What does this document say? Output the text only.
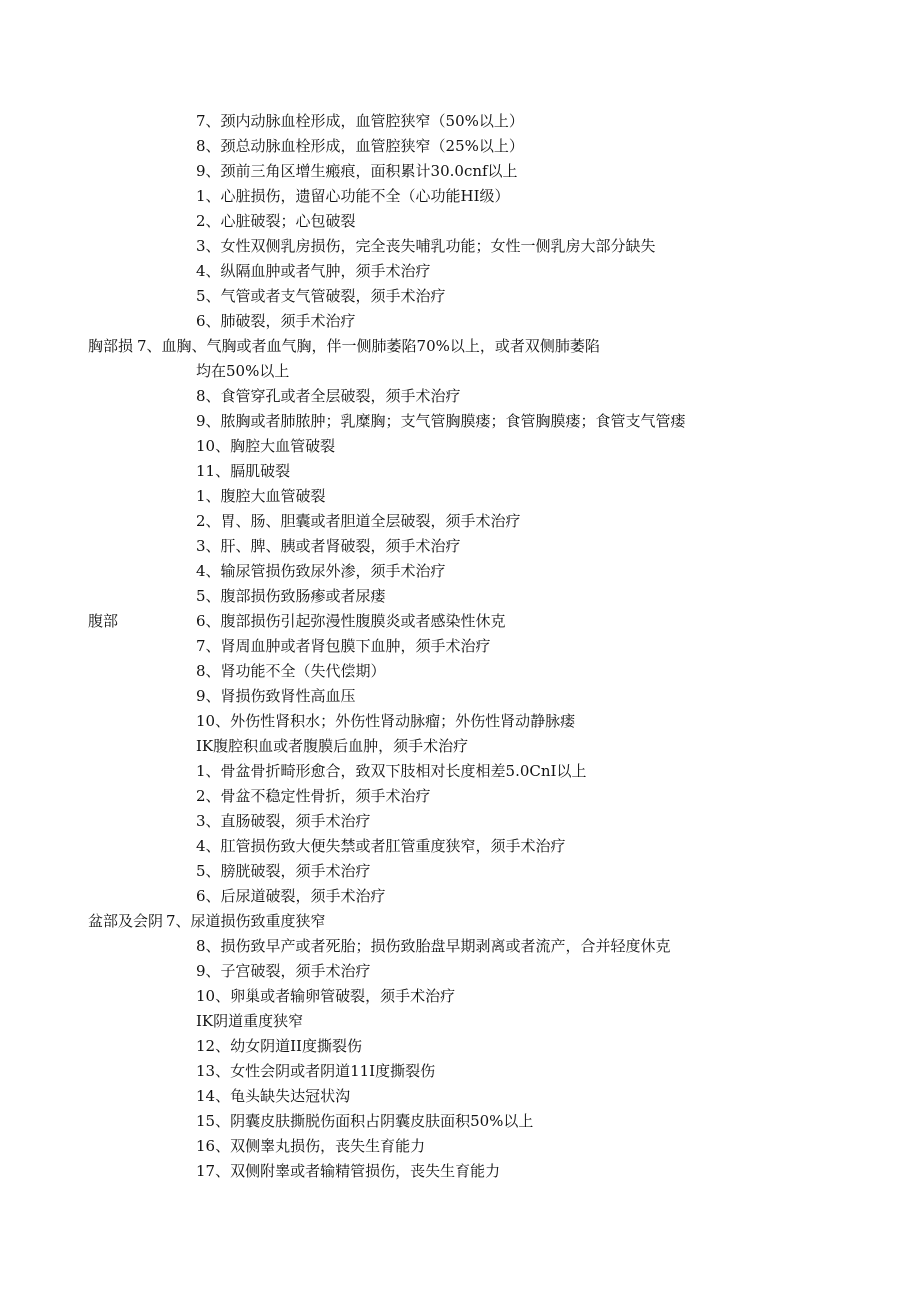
7、颈内动脉血栓形成，血管腔狭窄（50%以上）
8、颈总动脉血栓形成，血管腔狭窄（25%以上）
9、颈前三角区增生瘢痕，面积累计30.0cnf以上
1、心脏损伤，遗留心功能不全（心功能HI级）
2、心脏破裂；心包破裂
3、女性双侧乳房损伤，完全丧失哺乳功能；女性一侧乳房大部分缺失
4、纵隔血肿或者气肿，须手术治疗
5、气管或者支气管破裂，须手术治疗
6、肺破裂，须手术治疗
胸部损 7、血胸、气胸或者血气胸，伴一侧肺萎陷70%以上，或者双侧肺萎陷
均在50%以上
8、食管穿孔或者全层破裂，须手术治疗
9、脓胸或者肺脓肿；乳糜胸；支气管胸膜瘘；食管胸膜瘘；食管支气管瘘
10、胸腔大血管破裂
11、膈肌破裂
1、腹腔大血管破裂
2、胃、肠、胆囊或者胆道全层破裂，须手术治疗
3、肝、脾、胰或者肾破裂，须手术治疗
4、输尿管损伤致尿外渗，须手术治疗
5、腹部损伤致肠瘆或者尿瘘
腹部	6、腹部损伤引起弥漫性腹膜炎或者感染性休克
7、肾周血肿或者肾包膜下血肿，须手术治疗
8、肾功能不全（失代偿期）
9、肾损伤致肾性高血压
10、外伤性肾积水；外伤性肾动脉瘤；外伤性肾动静脉瘘
IK腹腔积血或者腹膜后血肿，须手术治疗
1、骨盆骨折畸形愈合，致双下肢相对长度相差5.0CnI以上
2、骨盆不稳定性骨折，须手术治疗
3、直肠破裂，须手术治疗
4、肛管损伤致大便失禁或者肛管重度狭窄，须手术治疗
5、膀胱破裂，须手术治疗
6、后尿道破裂，须手术治疗
盆部及会阴 7、尿道损伤致重度狭窄
8、损伤致早产或者死胎；损伤致胎盘早期剥离或者流产，合并轻度休克
9、子宫破裂，须手术治疗
10、卵巢或者输卵管破裂，须手术治疗
IK阴道重度狭窄
12、幼女阴道II度撕裂伤
13、女性会阴或者阴道11I度撕裂伤
14、龟头缺失达冠状沟
15、阴囊皮肤撕脱伤面积占阴囊皮肤面积50%以上
16、双侧睾丸损伤，丧失生育能力
17、双侧附睾或者输精管损伤，丧失生育能力
